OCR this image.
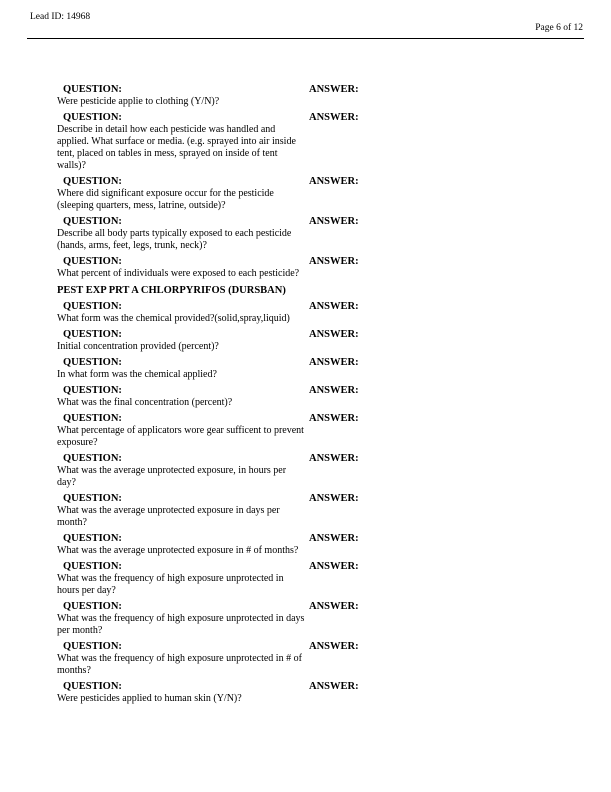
Lead ID: 14968
Page 6 of 12
QUESTION:
Were pesticide applie to clothing (Y/N)?
ANSWER:
QUESTION:
Describe in detail how each pesticide was handled and applied. What surface or media. (e.g. sprayed into air inside tent, placed on tables in mess, sprayed on inside of tent walls)?
ANSWER:
QUESTION:
Where did significant exposure occur for the pesticide (sleeping quarters, mess, latrine, outside)?
ANSWER:
QUESTION:
Describe all body parts typically exposed to each pesticide (hands, arms, feet, legs, trunk, neck)?
ANSWER:
QUESTION:
What percent of individuals were exposed to each pesticide?
ANSWER:
PEST EXP PRT A CHLORPYRIFOS (DURSBAN)
QUESTION:
What form was the chemical provided?(solid,spray,liquid)
ANSWER:
QUESTION:
Initial concentration provided (percent)?
ANSWER:
QUESTION:
In what form was the chemical applied?
ANSWER:
QUESTION:
What was the final concentration (percent)?
ANSWER:
QUESTION:
What percentage of applicators wore gear sufficent to prevent exposure?
ANSWER:
QUESTION:
What was the average unprotected exposure, in hours per day?
ANSWER:
QUESTION:
What was the average unprotected exposure in days per month?
ANSWER:
QUESTION:
What was the average unprotected exposure in # of months?
ANSWER:
QUESTION:
What was the frequency of high exposure unprotected in hours per day?
ANSWER:
QUESTION:
What was the frequency of high exposure unprotected in days per month?
ANSWER:
QUESTION:
What was the frequency of high exposure unprotected in # of months?
ANSWER:
QUESTION:
Were pesticides applied to human skin (Y/N)?
ANSWER:
